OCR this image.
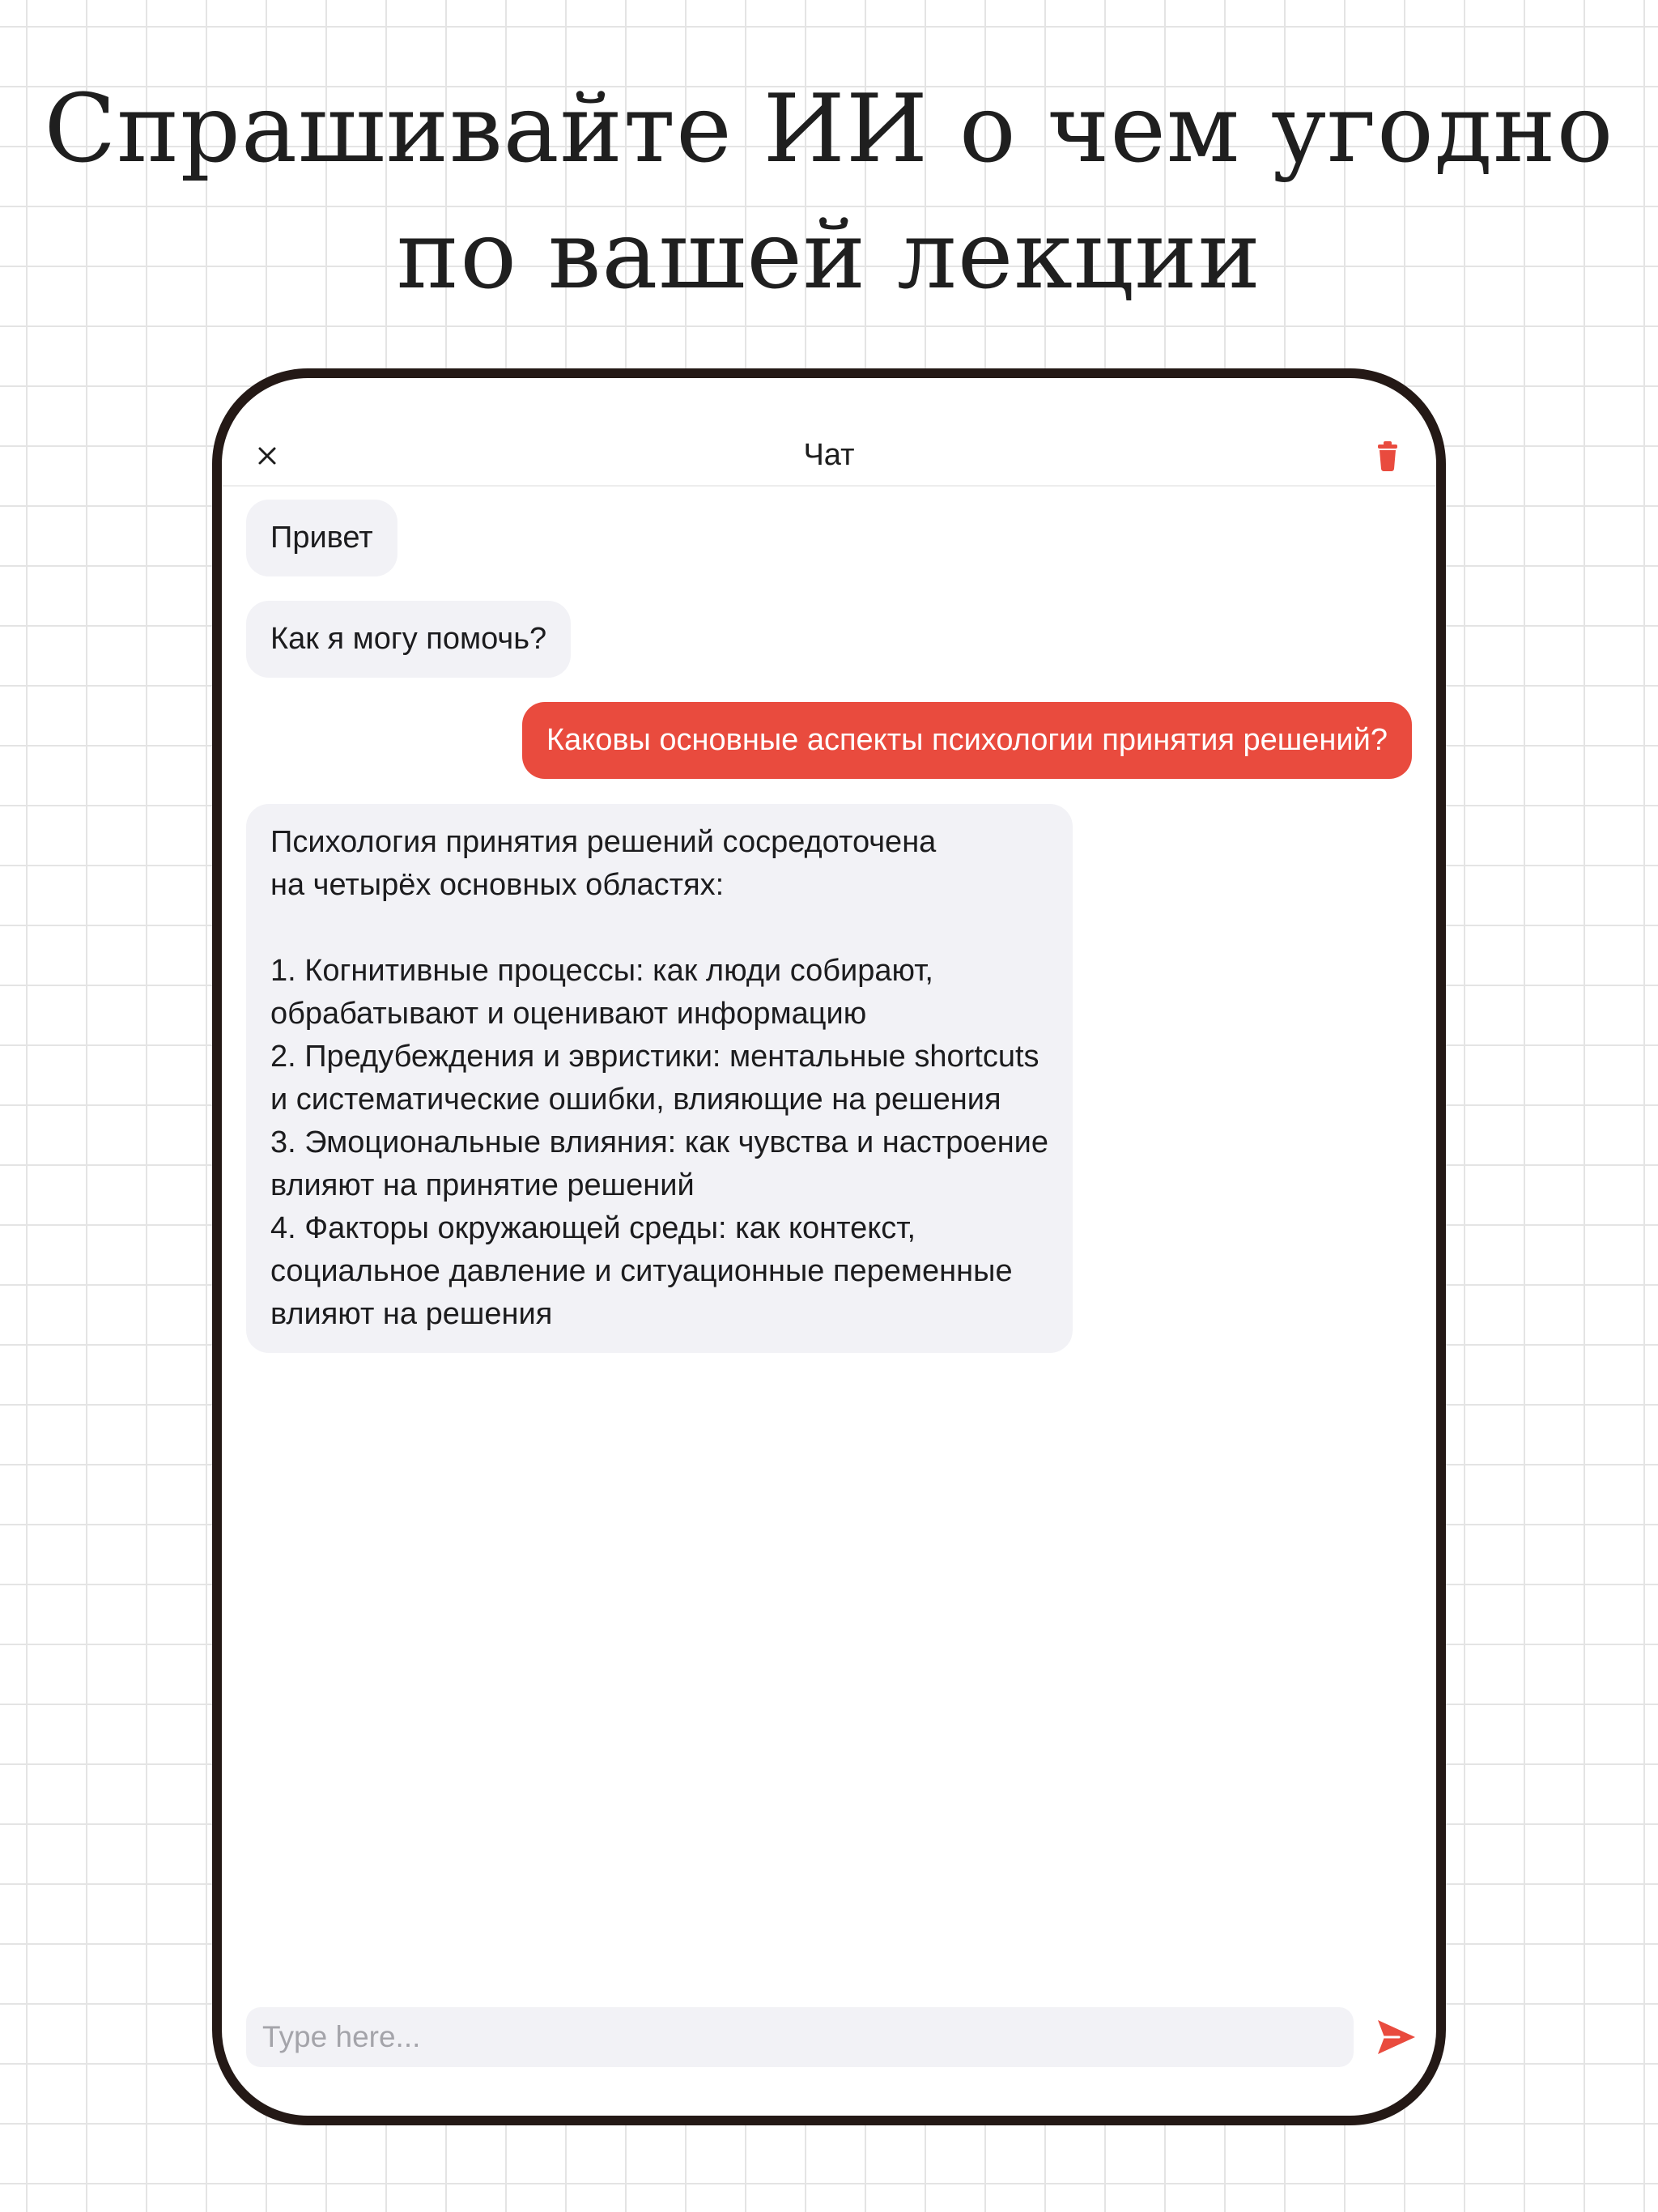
Спрашивайте ИИ о чем угодно
по вашей лекции
Чат
Привет
Как я могу помочь?
Каковы основные аспекты психологии принятия решений?
Психология принятия решений сосредоточена
на четырёх основных областях:

1. Когнитивные процессы: как люди собирают,
обрабатывают и оценивают информацию
2. Предубеждения и эвристики: ментальные shortcuts
и систематические ошибки, влияющие на решения
3. Эмоциональные влияния: как чувства и настроение
влияют на принятие решений
4. Факторы окружающей среды: как контекст,
социальное давление и ситуационные переменные
влияют на решения
Type here...
